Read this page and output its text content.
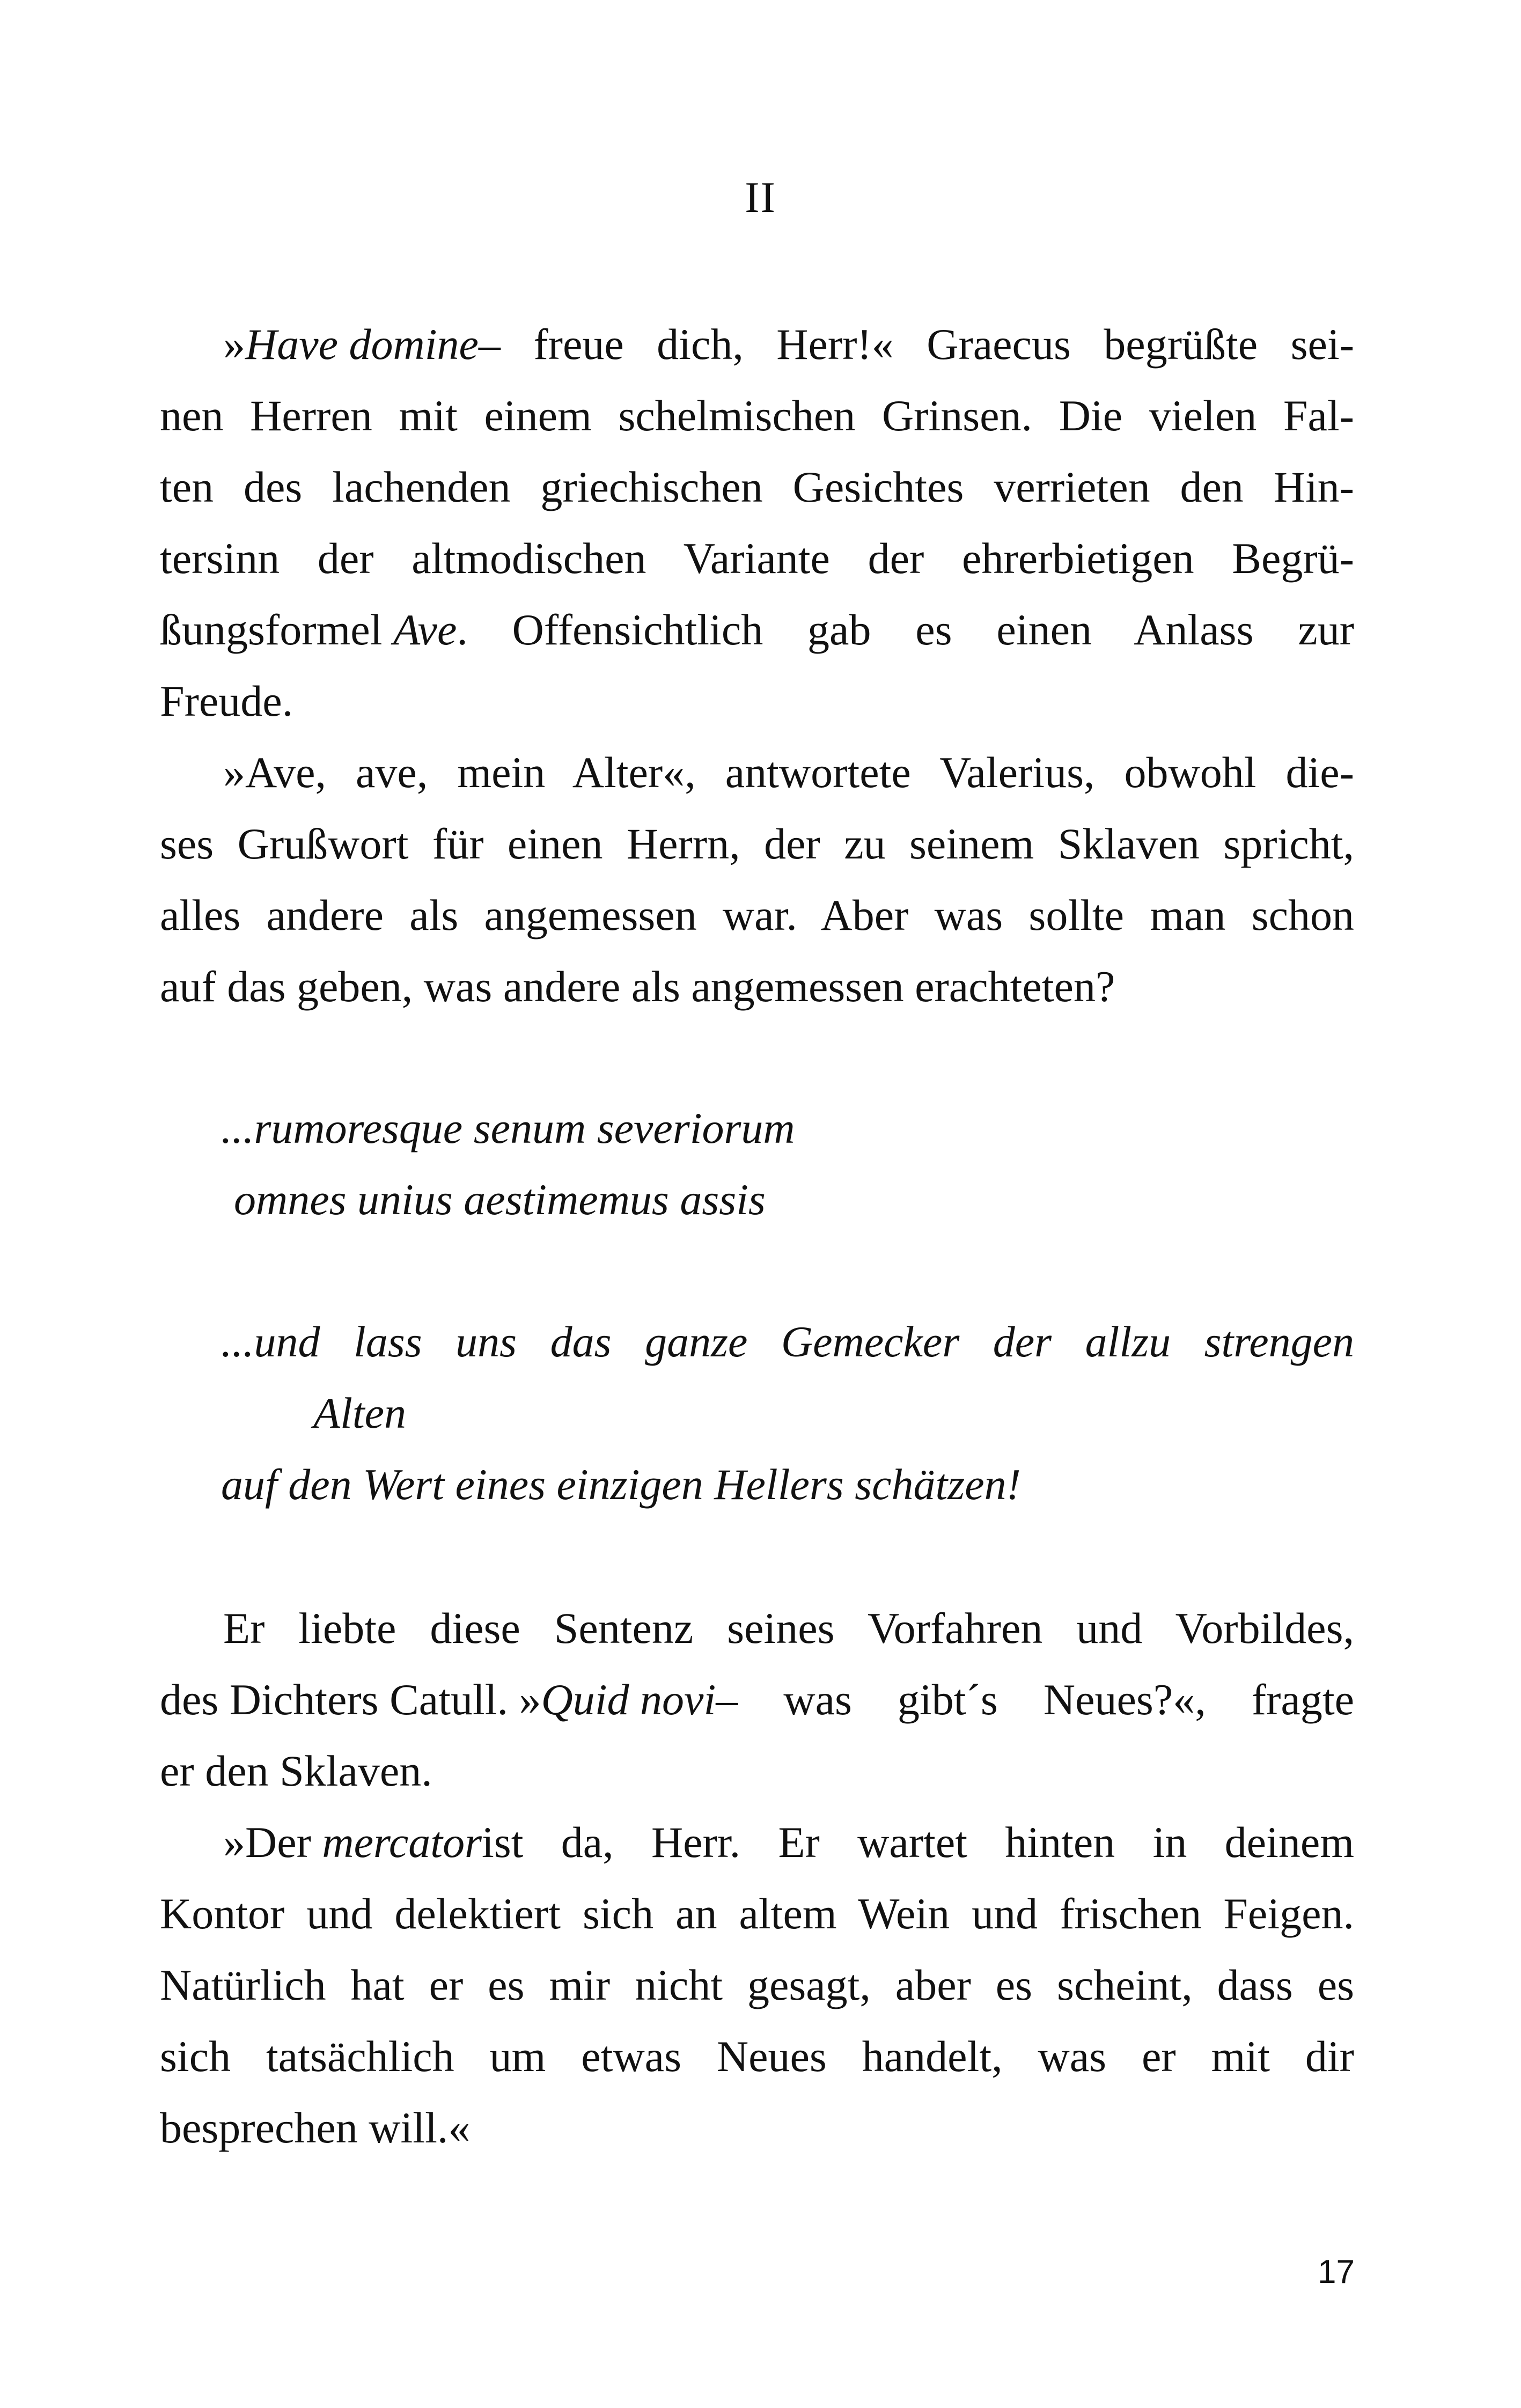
II
» Have domine – freue dich, Herr!« Graecus begrüßte sei-
nen Herren mit einem schelmischen Grinsen. Die vielen Fal-
ten des lachenden griechischen Gesichtes verrieten den Hin-
tersinn der altmodischen Variante der ehrerbietigen Begrü-
ßungsformel Ave . Offensichtlich gab es einen Anlass zur
Freude.
»Ave, ave, mein Alter«, antwortete Valerius, obwohl die-
ses Grußwort für einen Herrn, der zu seinem Sklaven spricht,
alles andere als angemessen war. Aber was sollte man schon
auf das geben, was andere als angemessen erachteten?
...rumoresque senum severiorum
omnes unius aestimemus assis
...und lass uns das ganze Gemecker der allzu strengen
Alten
auf den Wert eines einzigen Hellers schätzen!
Er liebte diese Sentenz seines Vorfahren und Vorbildes,
des Dichters Catull. » Quid novi – was gibt´s Neues?«, fragte
er den Sklaven.
»Der mercator ist da, Herr. Er wartet hinten in deinem
Kontor und delektiert sich an altem Wein und frischen Feigen.
Natürlich hat er es mir nicht gesagt, aber es scheint, dass es
sich tatsächlich um etwas Neues handelt, was er mit dir
besprechen will.«
17
